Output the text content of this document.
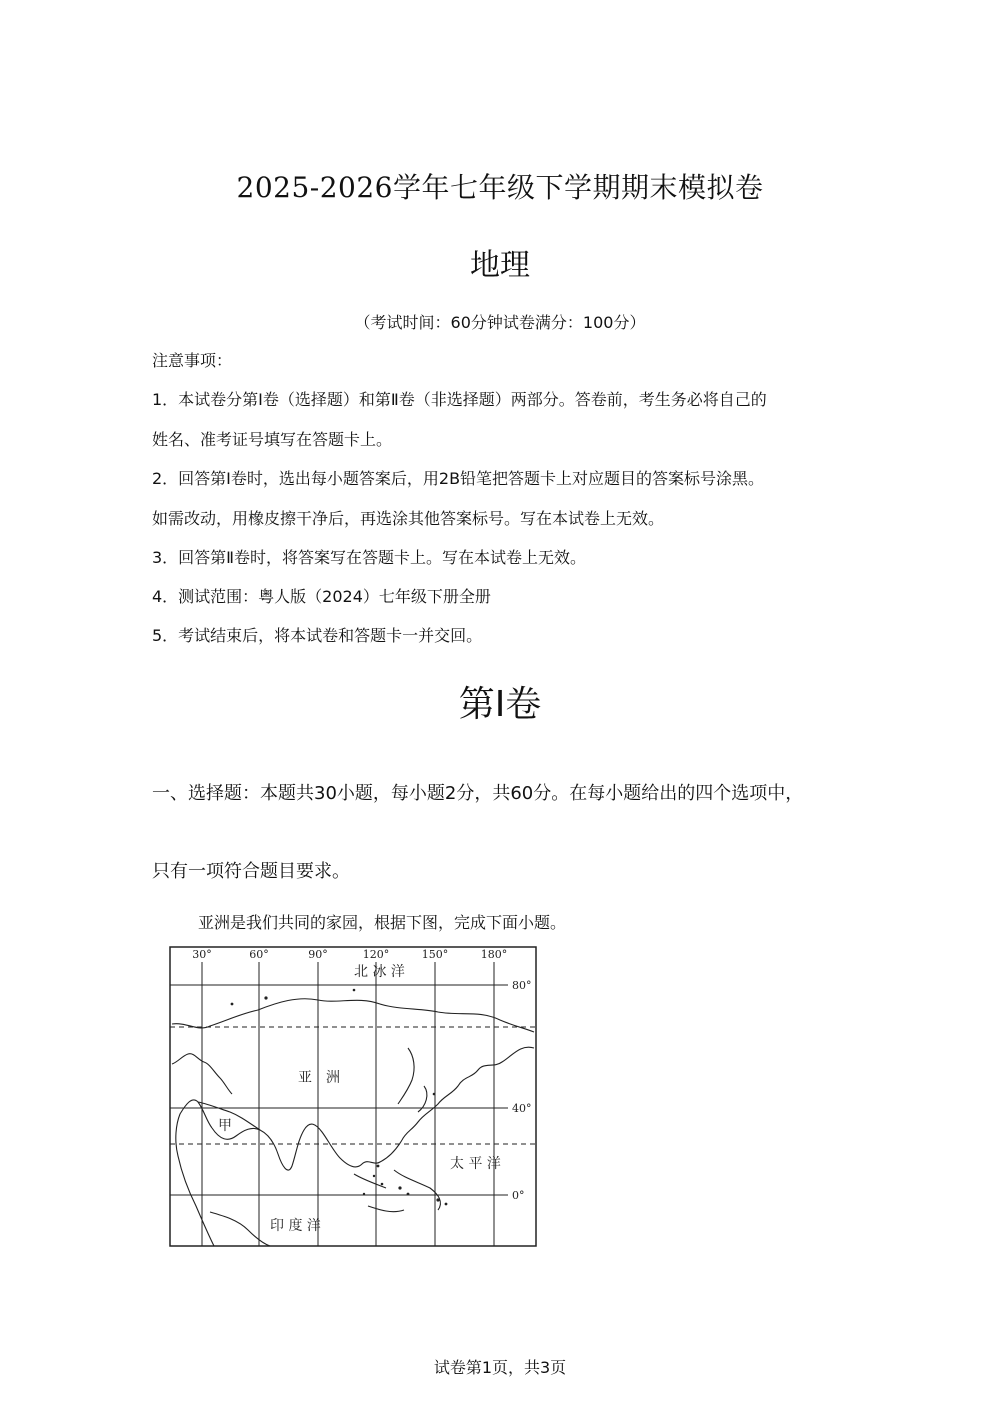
2025-2026学年七年级下学期期末模拟卷
地理
（考试时间：60分钟试卷满分：100分）
注意事项：
1．本试卷分第Ⅰ卷（选择题）和第Ⅱ卷（非选择题）两部分。答卷前，考生务必将自己的
姓名、准考证号填写在答题卡上。
2．回答第Ⅰ卷时，选出每小题答案后，用2B铅笔把答题卡上对应题目的答案标号涂黑。
如需改动，用橡皮擦干净后，再选涂其他答案标号。写在本试卷上无效。
3．回答第Ⅱ卷时，将答案写在答题卡上。写在本试卷上无效。
4．测试范围：粤人版（2024）七年级下册全册
5．考试结束后，将本试卷和答题卡一并交回。
第Ⅰ卷
一、选择题：本题共30小题，每小题2分，共60分。在每小题给出的四个选项中，
只有一项符合题目要求。
亚洲是我们共同的家园，根据下图，完成下面小题。
30°	60°	90°	120°	150°	180°
80°
40°
0°
北 冰 洋
亚　洲
甲
太 平 洋
印 度 洋
试卷第1页，共3页
